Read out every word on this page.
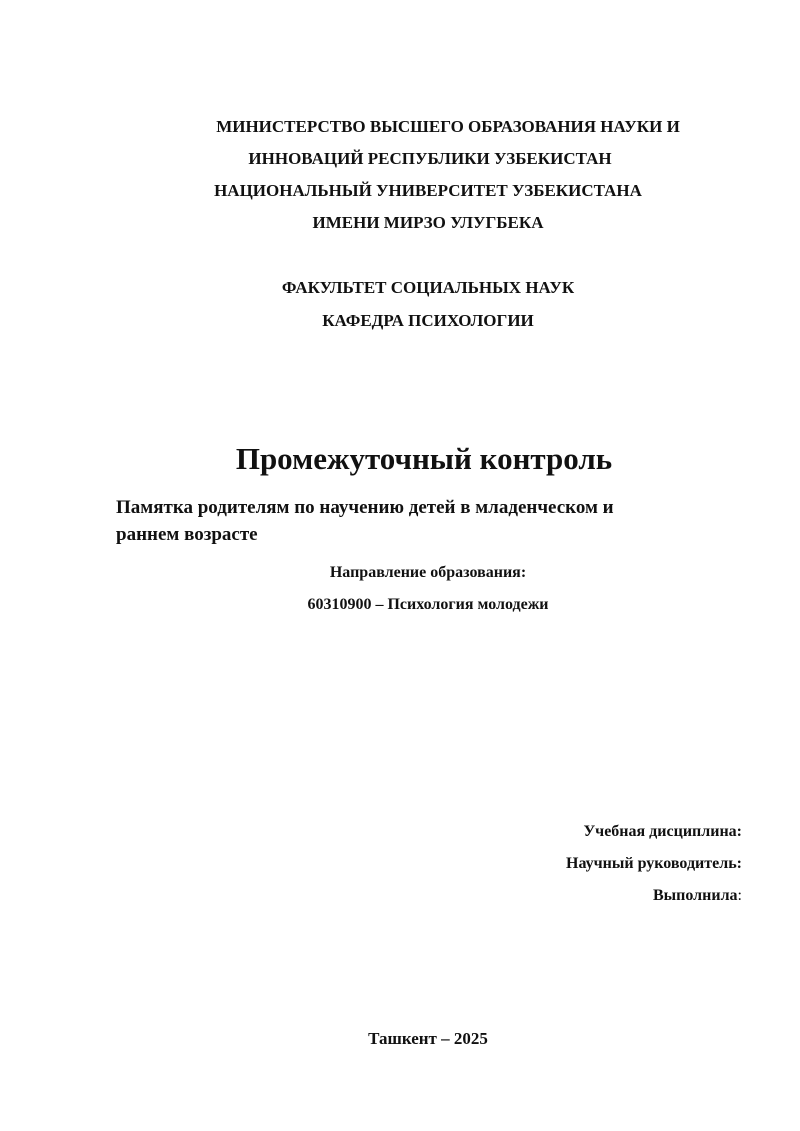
МИНИСТЕРСТВО ВЫСШЕГО ОБРАЗОВАНИЯ НАУКИ И
ИННОВАЦИЙ РЕСПУБЛИКИ УЗБЕКИСТАН
НАЦИОНАЛЬНЫЙ УНИВЕРСИТЕТ УЗБЕКИСТАНА
ИМЕНИ МИРЗО УЛУГБЕКА
ФАКУЛЬТЕТ СОЦИАЛЬНЫХ НАУК
КАФЕДРА ПСИХОЛОГИИ
Промежуточный контроль
Памятка родителям по научению детей в младенческом и
раннем возрасте
Направление образования:
60310900 – Психология молодежи
Учебная дисциплина:
Научный руководитель:
Выполнила:
Ташкент – 2025
